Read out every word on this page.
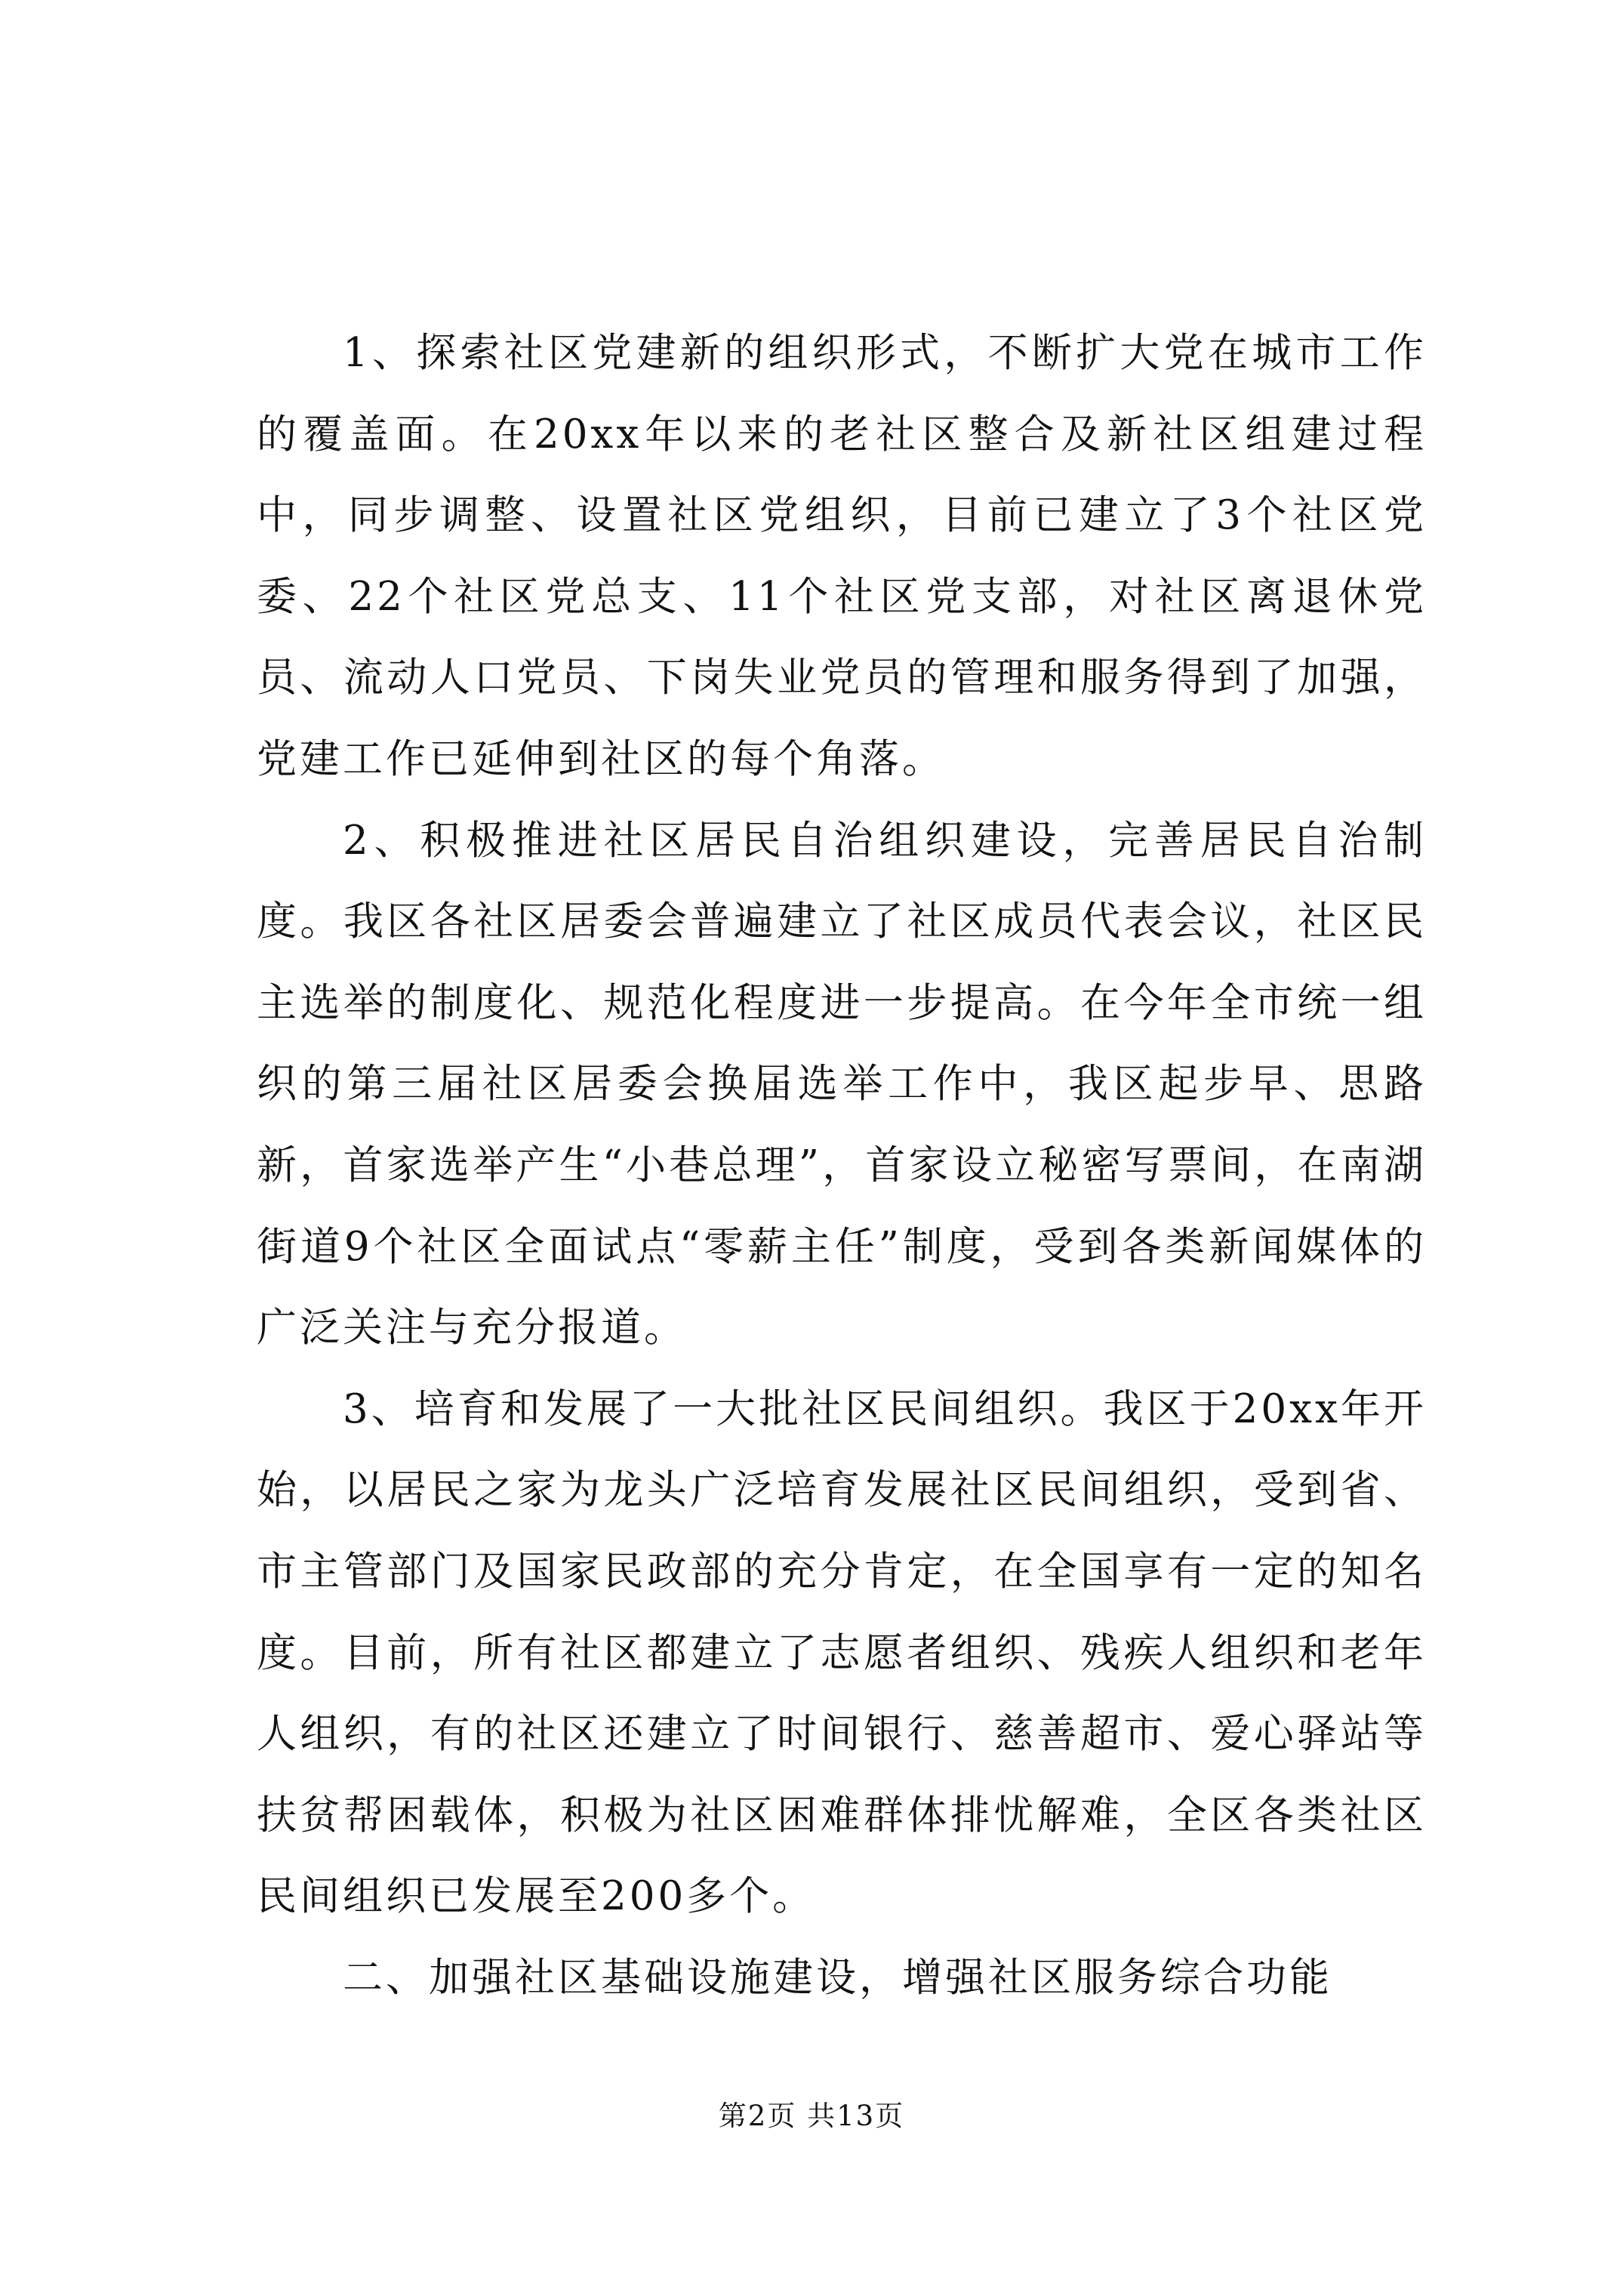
1、探索社区党建新的组织形式，不断扩大党在城市工作的覆盖面。在20xx年以来的老社区整合及新社区组建过程中，同步调整、设置社区党组织，目前已建立了3个社区党委、22个社区党总支、11个社区党支部，对社区离退休党员、流动人口党员、下岗失业党员的管理和服务得到了加强，党建工作已延伸到社区的每个角落。

2、积极推进社区居民自治组织建设，完善居民自治制度。我区各社区居委会普遍建立了社区成员代表会议，社区民主选举的制度化、规范化程度进一步提高。在今年全市统一组织的第三届社区居委会换届选举工作中，我区起步早、思路新，首家选举产生“小巷总理”，首家设立秘密写票间，在南湖街道9个社区全面试点“零薪主任”制度，受到各类新闻媒体的广泛关注与充分报道。

3、培育和发展了一大批社区民间组织。我区于20xx年开始，以居民之家为龙头广泛培育发展社区民间组织，受到省、市主管部门及国家民政部的充分肯定，在全国享有一定的知名度。目前，所有社区都建立了志愿者组织、残疾人组织和老年人组织，有的社区还建立了时间银行、慈善超市、爱心驿站等扶贫帮困载体，积极为社区困难群体排忧解难，全区各类社区民间组织已发展至200多个。

二、加强社区基础设施建设，增强社区服务综合功能

第2页 共13页
